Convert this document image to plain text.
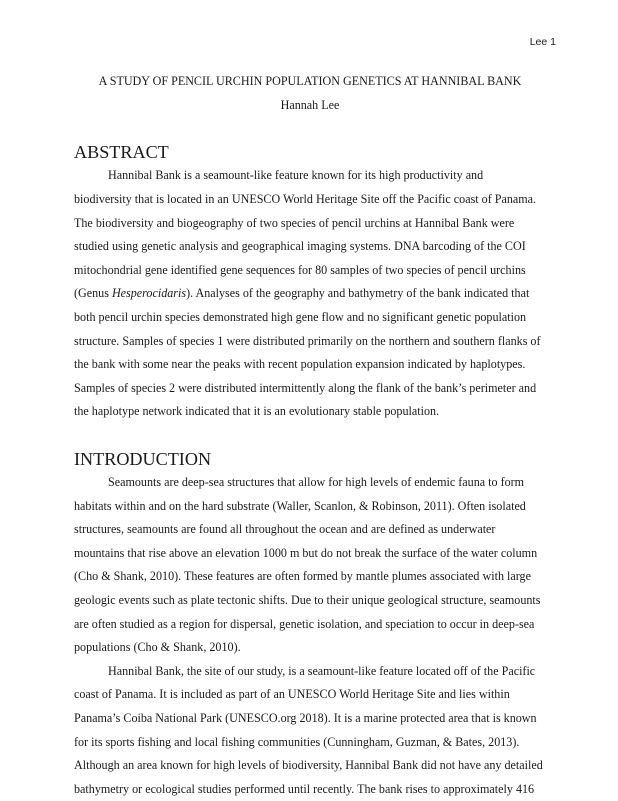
Lee 1
A STUDY OF PENCIL URCHIN POPULATION GENETICS AT HANNIBAL BANK

Hannah Lee

ABSTRACT
Hannibal Bank is a seamount-like feature known for its high productivity and
biodiversity that is located in an UNESCO World Heritage Site off the Pacific coast of Panama.
The biodiversity and biogeography of two species of pencil urchins at Hannibal Bank were
studied using genetic analysis and geographical imaging systems. DNA barcoding of the COI
mitochondrial gene identified gene sequences for 80 samples of two species of pencil urchins
(Genus Hesperocidaris). Analyses of the geography and bathymetry of the bank indicated that
both pencil urchin species demonstrated high gene flow and no significant genetic population
structure. Samples of species 1 were distributed primarily on the northern and southern flanks of
the bank with some near the peaks with recent population expansion indicated by haplotypes.
Samples of species 2 were distributed intermittently along the flank of the bank’s perimeter and
the haplotype network indicated that it is an evolutionary stable population.
INTRODUCTION
Seamounts are deep-sea structures that allow for high levels of endemic fauna to form
habitats within and on the hard substrate (Waller, Scanlon, & Robinson, 2011). Often isolated
structures, seamounts are found all throughout the ocean and are defined as underwater
mountains that rise above an elevation 1000 m but do not break the surface of the water column
(Cho & Shank, 2010). These features are often formed by mantle plumes associated with large
geologic events such as plate tectonic shifts. Due to their unique geological structure, seamounts
are often studied as a region for dispersal, genetic isolation, and speciation to occur in deep-sea
populations (Cho & Shank, 2010).
Hannibal Bank, the site of our study, is a seamount-like feature located off of the Pacific
coast of Panama. It is included as part of an UNESCO World Heritage Site and lies within
Panama’s Coiba National Park (UNESCO.org 2018). It is a marine protected area that is known
for its sports fishing and local fishing communities (Cunningham, Guzman, & Bates, 2013).
Although an area known for high levels of biodiversity, Hannibal Bank did not have any detailed
bathymetry or ecological studies performed until recently. The bank rises to approximately 416
